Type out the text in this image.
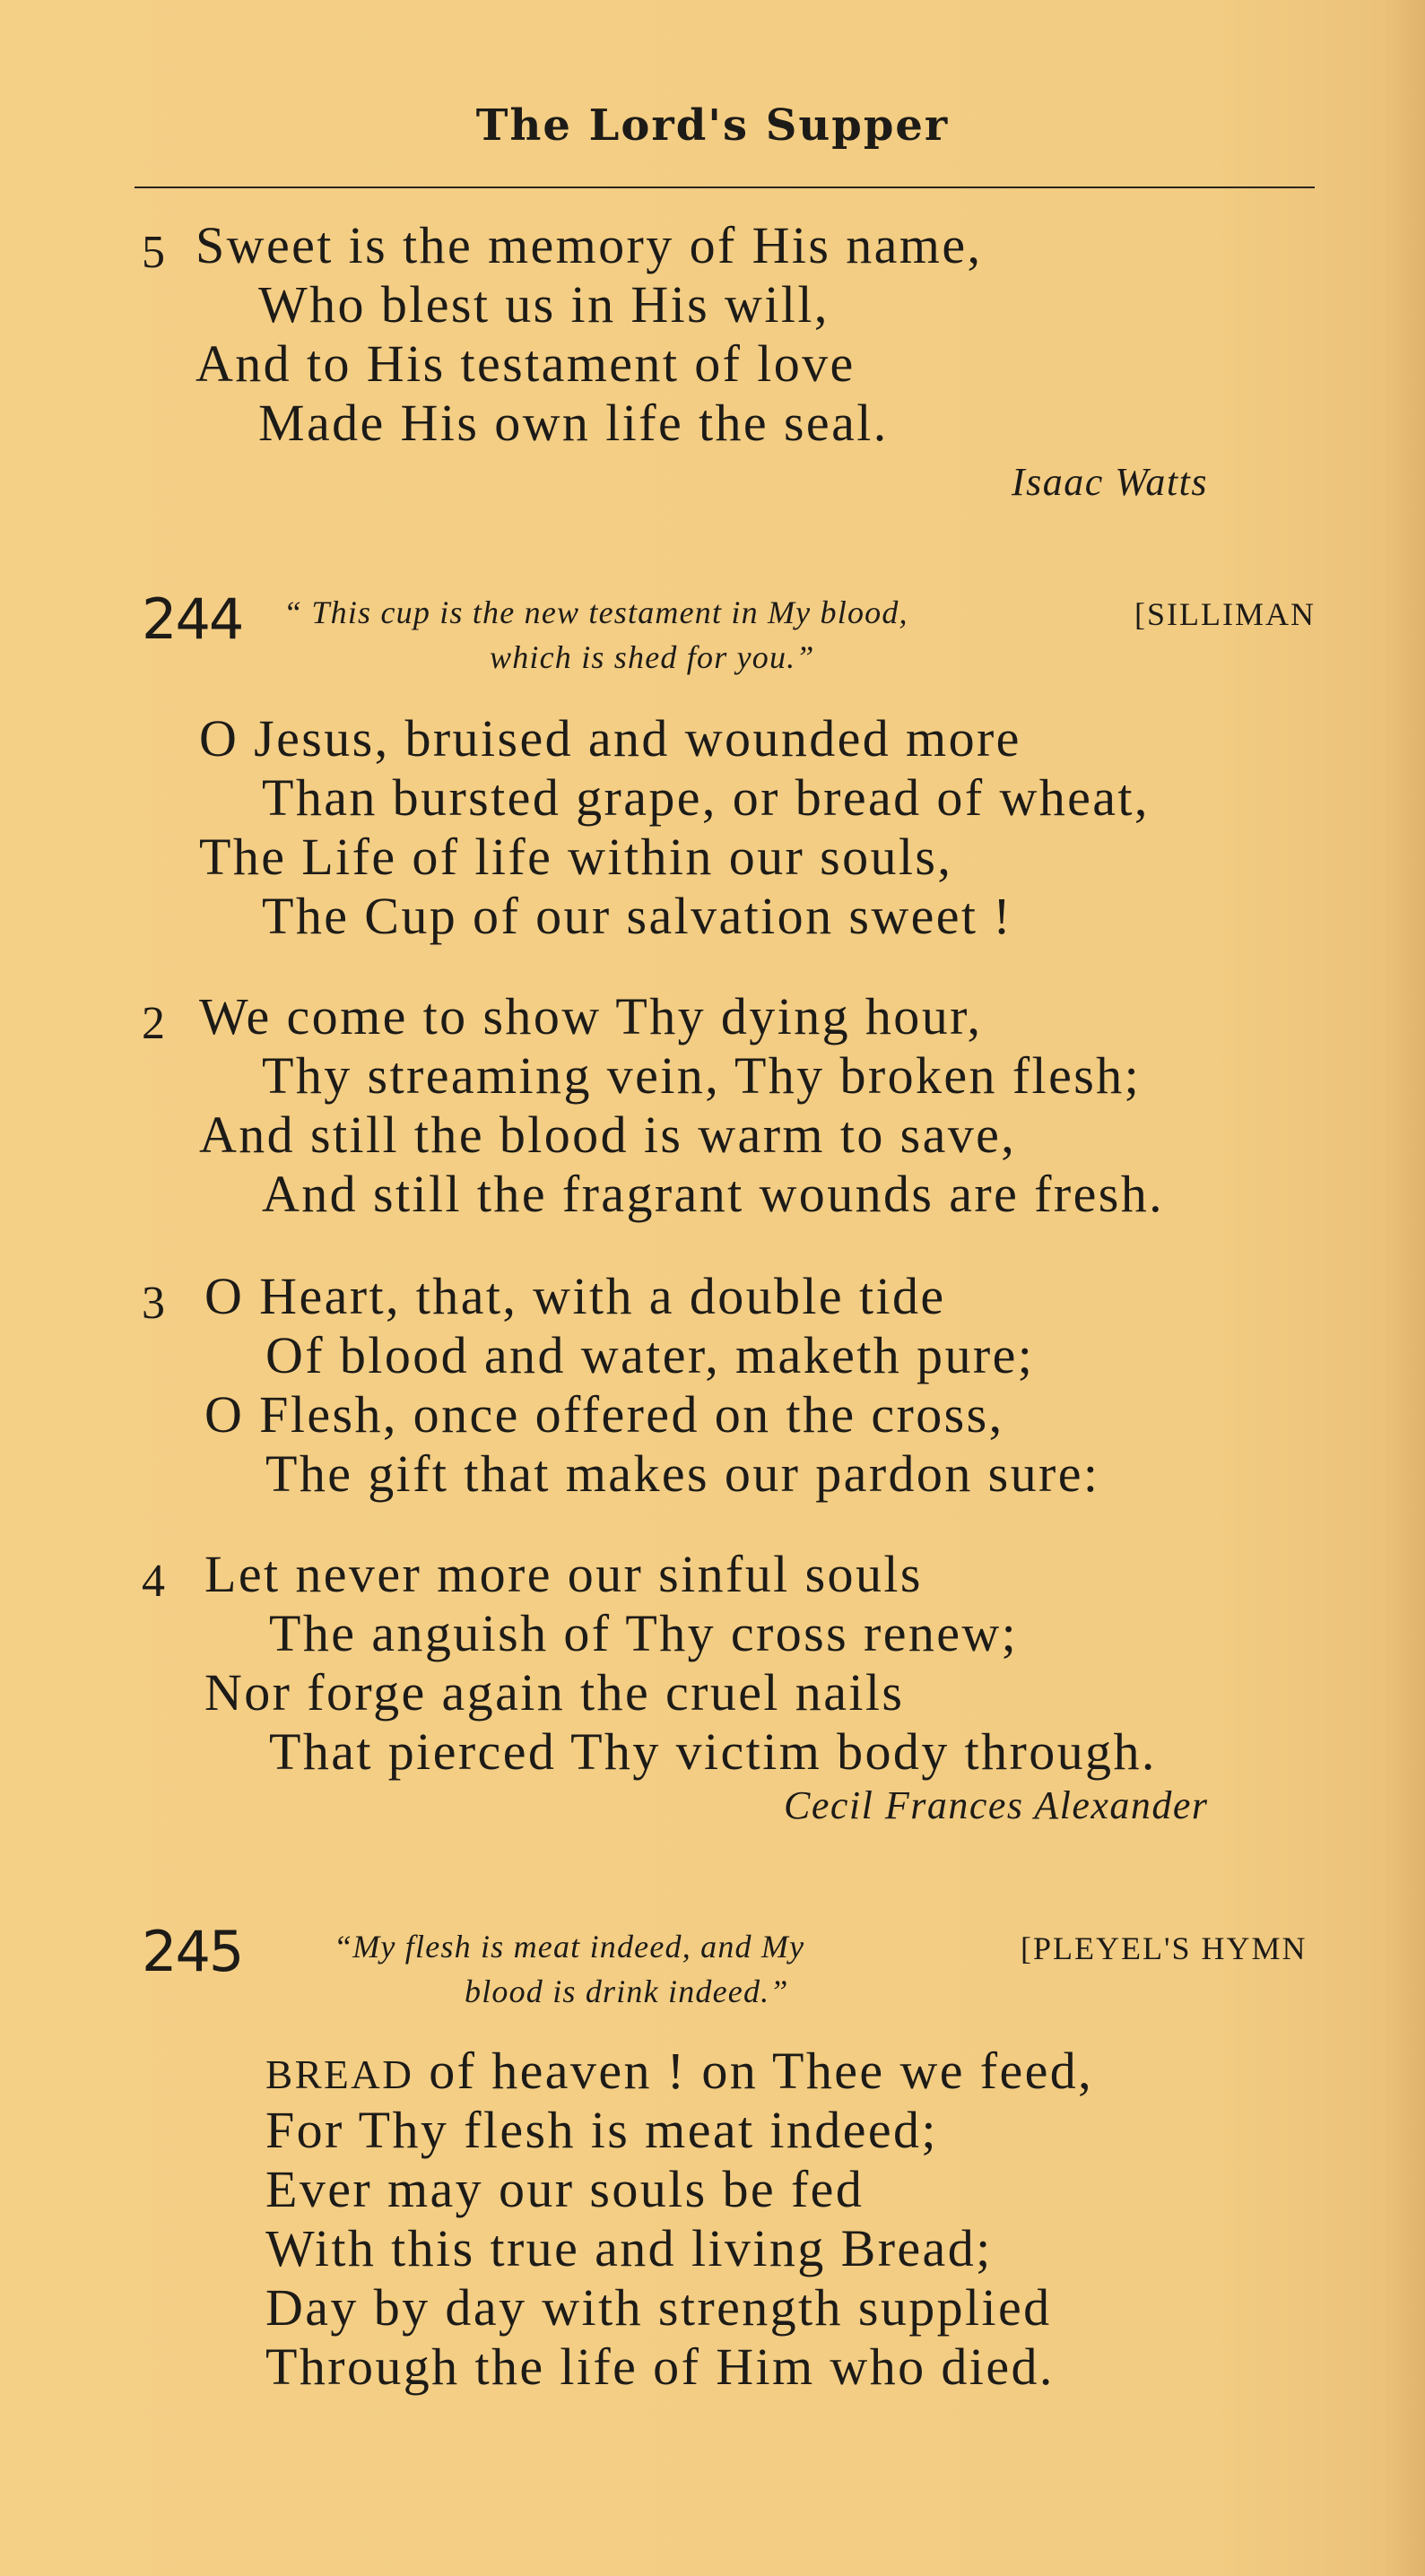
The Lord's Supper
5 Sweet is the memory of His name,
Who blest us in His will,
And to His testament of love
Made His own life the seal.
Isaac Watts
244 “ This cup is the new testament in My blood,
which is shed for you.”
[SILLIMAN
O Jesus, bruised and wounded more
Than bursted grape, or bread of wheat,
The Life of life within our souls,
The Cup of our salvation sweet !
2 We come to show Thy dying hour,
Thy streaming vein, Thy broken flesh;
And still the blood is warm to save,
And still the fragrant wounds are fresh.
3 O Heart, that, with a double tide
Of blood and water, maketh pure;
O Flesh, once offered on the cross,
The gift that makes our pardon sure:
4 Let never more our sinful souls
The anguish of Thy cross renew;
Nor forge again the cruel nails
That pierced Thy victim body through.
Cecil Frances Alexander
245	“My flesh is meat indeed, and My
blood is drink indeed.”
[PLEYEL'S HYMN
BREAD of heaven ! on Thee we feed,
For Thy flesh is meat indeed;
Ever may our souls be fed
With this true and living Bread;
Day by day with strength supplied
Through the life of Him who died.
